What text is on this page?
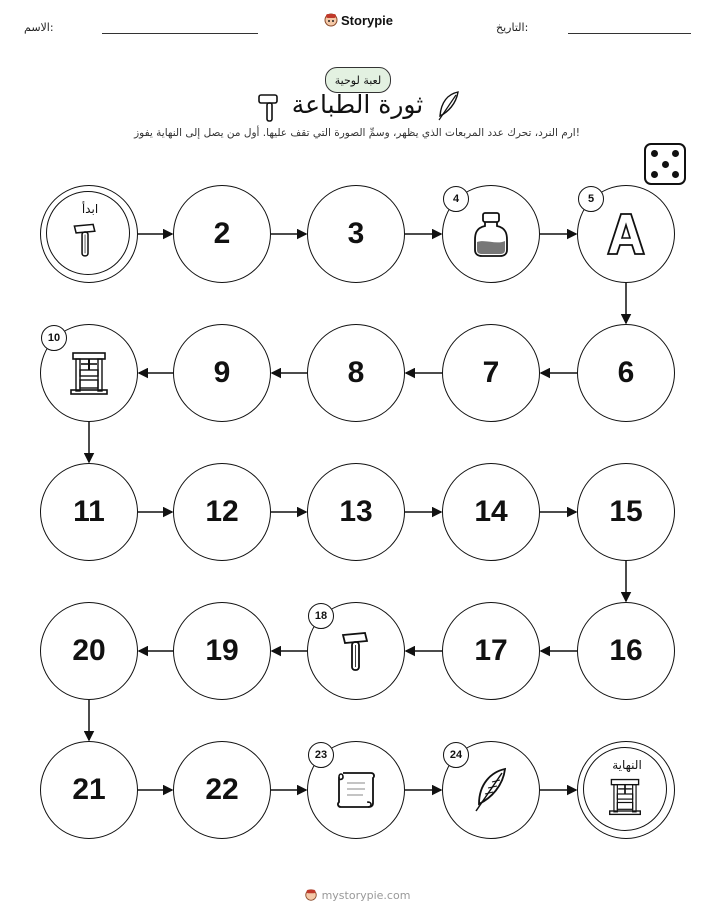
الاسم:	التاريخ:
Storypie
لعبة لوحية
ثورة الطباعة
ارم النرد، تحرك عدد المربعات الذي يظهر، وسمِّ الصورة التي تقف عليها. أول من يصل إلى النهاية يفوز!
ابدأ
2	3
4	5
6
7
8
9
10
11	12	13	14	15
16
17
18
19
20
21	22
23	24
النهاية
mystorypie.com
